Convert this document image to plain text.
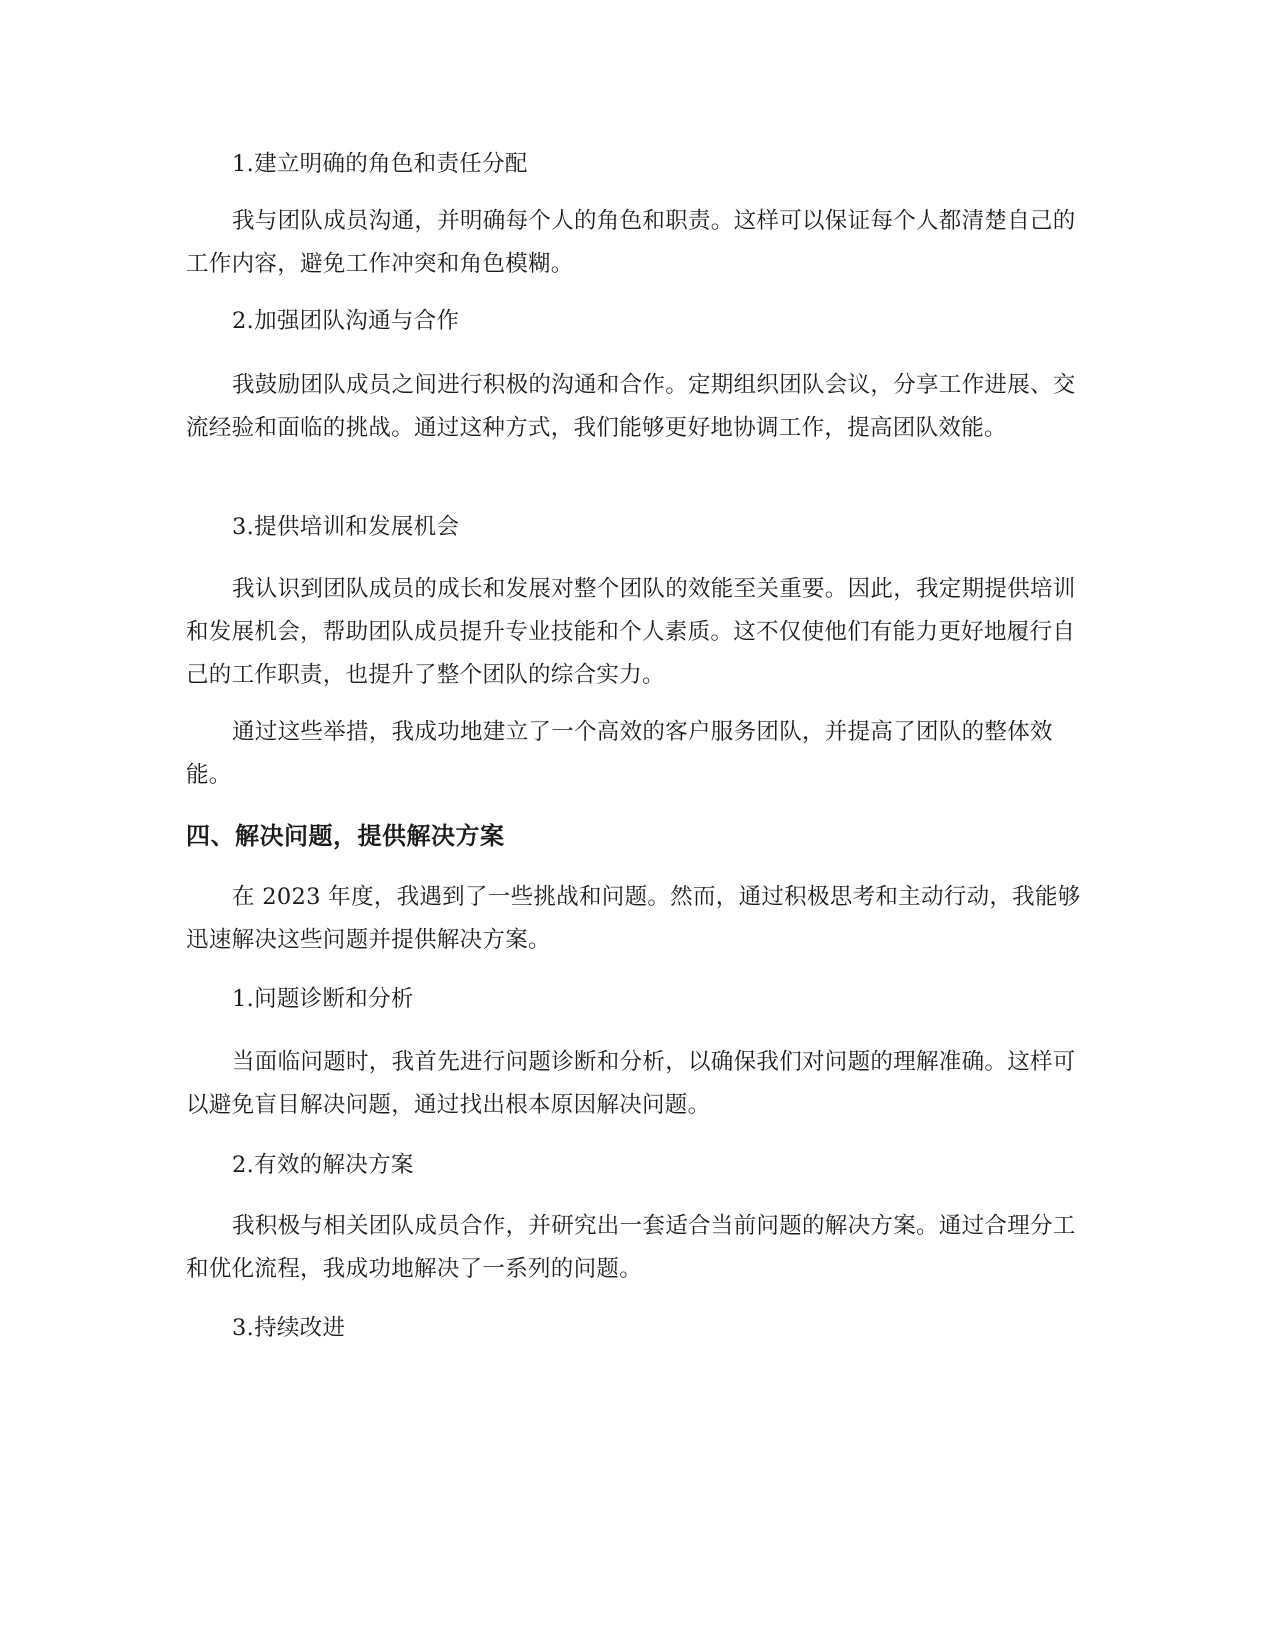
1.建立明确的角色和责任分配

我与团队成员沟通，并明确每个人的角色和职责。这样可以保证每个人都清楚自己的工作内容，避免工作冲突和角色模糊。

2.加强团队沟通与合作

我鼓励团队成员之间进行积极的沟通和合作。定期组织团队会议，分享工作进展、交流经验和面临的挑战。通过这种方式，我们能够更好地协调工作，提高团队效能。

3.提供培训和发展机会

我认识到团队成员的成长和发展对整个团队的效能至关重要。因此，我定期提供培训和发展机会，帮助团队成员提升专业技能和个人素质。这不仅使他们有能力更好地履行自己的工作职责，也提升了整个团队的综合实力。

通过这些举措，我成功地建立了一个高效的客户服务团队，并提高了团队的整体效能。

四、解决问题，提供解决方案

在 2023 年度，我遇到了一些挑战和问题。然而，通过积极思考和主动行动，我能够迅速解决这些问题并提供解决方案。

1.问题诊断和分析

当面临问题时，我首先进行问题诊断和分析，以确保我们对问题的理解准确。这样可以避免盲目解决问题，通过找出根本原因解决问题。

2.有效的解决方案

我积极与相关团队成员合作，并研究出一套适合当前问题的解决方案。通过合理分工和优化流程，我成功地解决了一系列的问题。

3.持续改进
